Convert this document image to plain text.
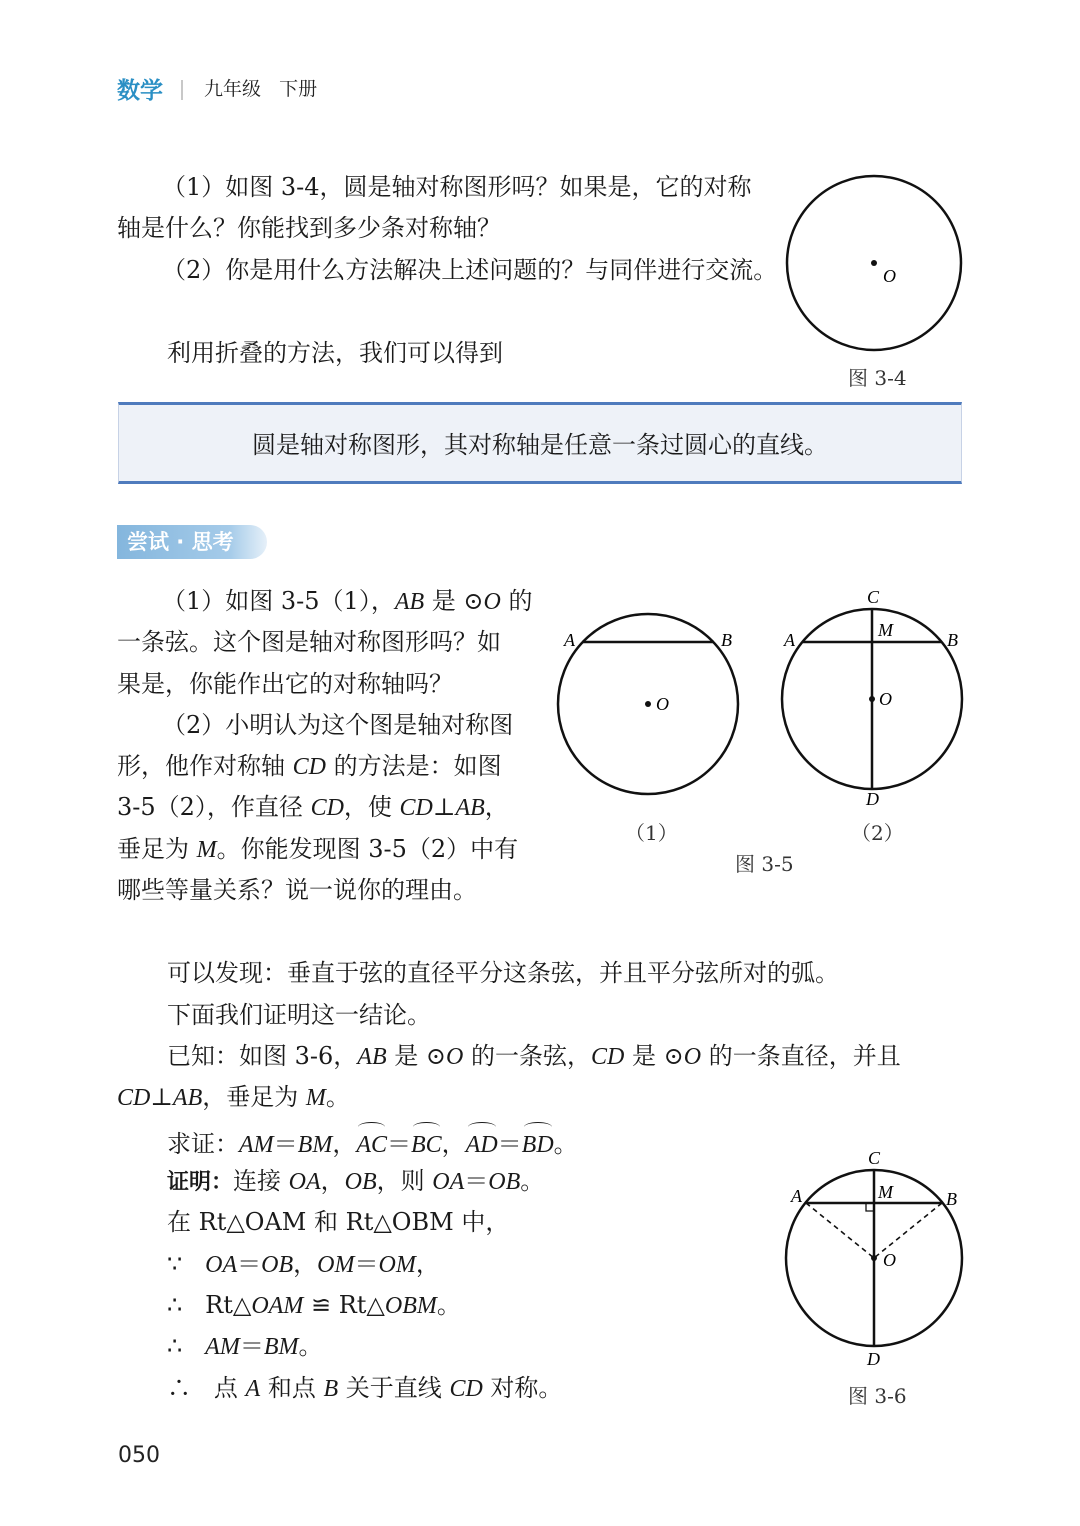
数学 九年级 下册
（1）如图 3-4，圆是轴对称图形吗？如果是，它的对称
轴是什么？你能找到多少条对称轴？
（2）你是用什么方法解决上述问题的？与同伴进行交流。
利用折叠的方法，我们可以得到
O
图 3-4
圆是轴对称图形，其对称轴是任意一条过圆心的直线。
尝试 · 思考
（1）如图 3-5（1），AB 是 ⊙O 的
一条弦。这个图是轴对称图形吗？如
果是，你能作出它的对称轴吗？
（2）小明认为这个图是轴对称图
形，他作对称轴 CD 的方法是：如图
3-5（2），作直径 CD，使 CD⊥AB，
垂足为 M。你能发现图 3-5（2）中有
哪些等量关系？说一说你的理由。
A	B
O
C
A	B
M
O
D
（1）	（2）
图 3-5
可以发现：垂直于弦的直径平分这条弦，并且平分弦所对的弧。
下面我们证明这一结论。
已知：如图 3-6，AB 是 ⊙O 的一条弦，CD 是 ⊙O 的一条直径，并且
CD⊥AB，垂足为 M。
求证：AM＝BM，AC＝BC，AD＝BD。
证明：连接 OA，OB，则 OA＝OB。
在 Rt△OAM 和 Rt△OBM 中，
∵ OA＝OB，OM＝OM，
∴   Rt△OAM ≌ Rt△OBM。
∴ AM＝BM。
∴ 点 A 和点 B 关于直线 CD 对称。
C
A	B
M
O
D
图 3-6
050
